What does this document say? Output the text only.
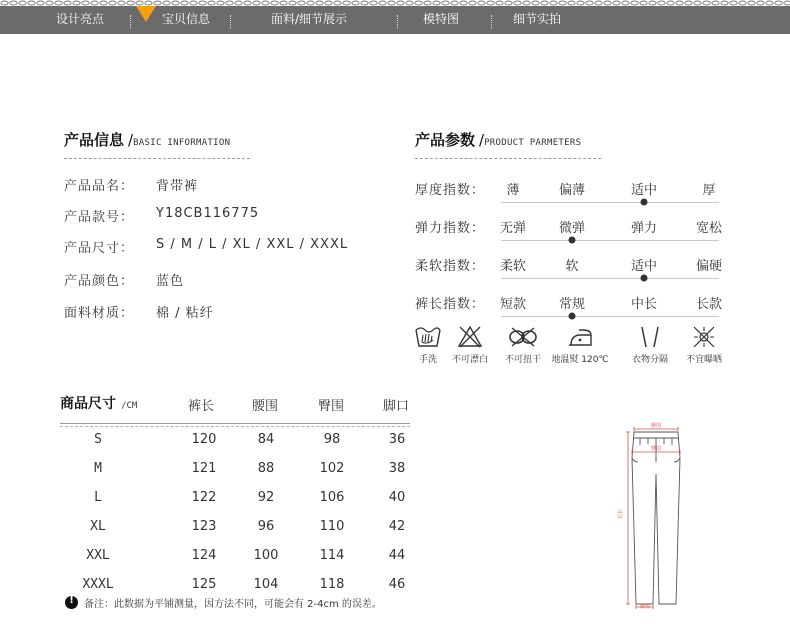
设计亮点	宝贝信息	面料/细节展示	模特图	细节实拍
产品信息 /BASIC INFORMATION
产品品名： 背带裤
产品款号： Y18CB116775
产品尺寸： S / M / L / XL / XXL / XXXL
产品颜色： 蓝色
面料材质： 棉 / 粘纤
产品参数 /PRODUCT PARMETERS
厚度指数： 薄	偏薄	适中	厚
弹力指数： 无弹	微弹	弹力	宽松
柔软指数： 柔软	软	适中	偏硬
裤长指数： 短款	常规	中长	长款
手洗 不可漂白 不可扭干 地温熨 120℃	衣物分隔 不宜曝晒
商品尺寸 /CM	裤长	腰围	臀围	脚口
S	120	84	98	36
M	121	88	102	38
L	122	92	106	40
XL	123	96	110	42
XXL	124	100	114	44
XXXL	125	104	118	46
!
备注：此数据为平铺测量，因方法不同，可能会有 2-4cm 的误差。
腰围
臀围
衣长
脚围
